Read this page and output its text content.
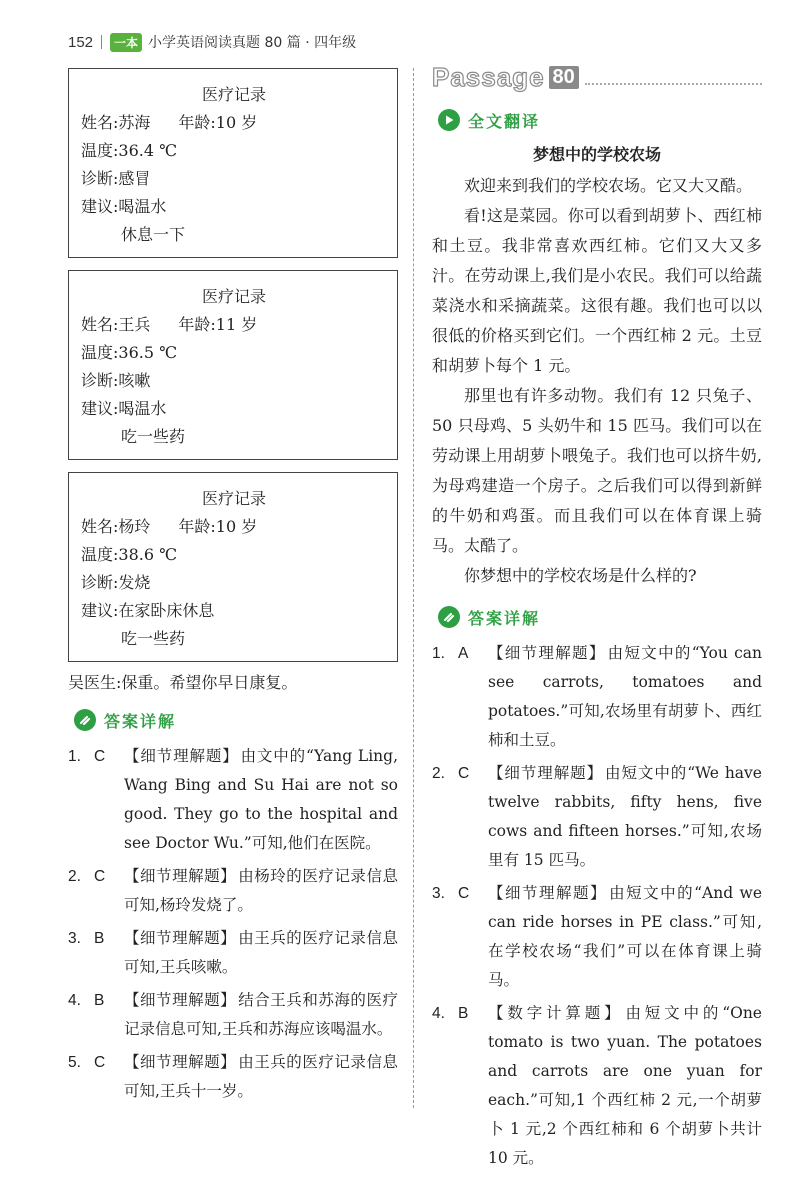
152	一本 小学英语阅读真题 80 篇 · 四年级
医疗记录
姓名:苏海 年龄:10 岁
温度:36.4 ℃
诊断:感冒
建议:喝温水
休息一下
医疗记录
姓名:王兵 年龄:11 岁
温度:36.5 ℃
诊断:咳嗽
建议:喝温水
吃一些药
医疗记录
姓名:杨玲 年龄:10 岁
温度:38.6 ℃
诊断:发烧
建议:在家卧床休息
吃一些药
吴医生:保重。希望你早日康复。
答案详解
1. C	【细节理解题】 由文中的“Yang Ling, Wang Bing and Su Hai are not so good. They go to the hospital and see Doctor Wu.”可知,他们在医院。
2. C	【细节理解题】 由杨玲的医疗记录信息可知,杨玲发烧了。
3. B	【细节理解题】 由王兵的医疗记录信息可知,王兵咳嗽。
4. B	【细节理解题】 结合王兵和苏海的医疗记录信息可知,王兵和苏海应该喝温水。
5. C	【细节理解题】 由王兵的医疗记录信息可知,王兵十一岁。
Passage 80
全文翻译
梦想中的学校农场

欢迎来到我们的学校农场。它又大又酷。

看!这是菜园。你可以看到胡萝卜、西红柿和土豆。我非常喜欢西红柿。它们又大又多汁。在劳动课上,我们是小农民。我们可以给蔬菜浇水和采摘蔬菜。这很有趣。我们也可以以很低的价格买到它们。一个西红柿 2 元。土豆和胡萝卜每个 1 元。

那里也有许多动物。我们有 12 只兔子、50 只母鸡、5 头奶牛和 15 匹马。我们可以在劳动课上用胡萝卜喂兔子。我们也可以挤牛奶,为母鸡建造一个房子。之后我们可以得到新鲜的牛奶和鸡蛋。而且我们可以在体育课上骑马。太酷了。

你梦想中的学校农场是什么样的?

答案详解
1. A	【细节理解题】 由短文中的“You can see carrots, tomatoes and potatoes.”可知,农场里有胡萝卜、西红柿和土豆。
2. C	【细节理解题】 由短文中的“We have twelve rabbits, fifty hens, five cows and fifteen horses.”可知,农场里有 15 匹马。
3. C	【细节理解题】 由短文中的“And we can ride horses in PE class.”可知,在学校农场“我们”可以在体育课上骑马。
4. B	【数字计算题】 由短文中的“One tomato is two yuan. The potatoes and carrots are one yuan for each.”可知,1 个西红柿 2 元,一个胡萝卜 1 元,2 个西红柿和 6 个胡萝卜共计 10 元。
